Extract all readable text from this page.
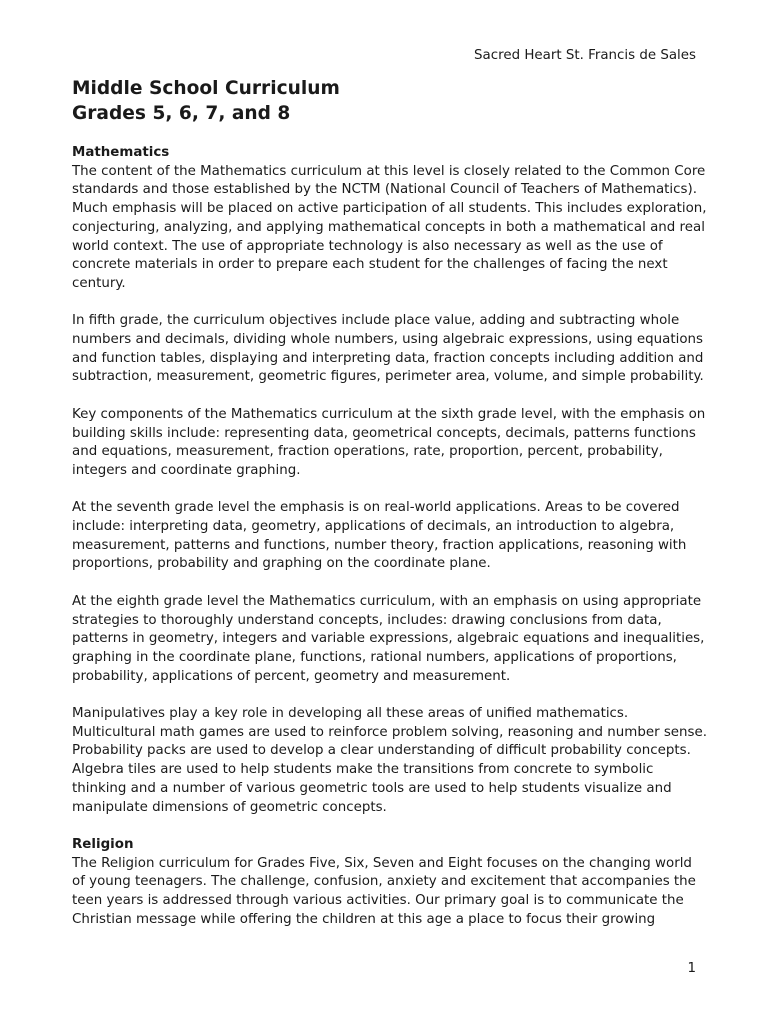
Sacred Heart St. Francis de Sales
Middle School Curriculum
Grades 5, 6, 7, and 8
Mathematics

The content of the Mathematics curriculum at this level is closely related to the Common Core standards and those established by the NCTM (National Council of Teachers of Mathematics). Much emphasis will be placed on active participation of all students. This includes exploration, conjecturing, analyzing, and applying mathematical concepts in both a mathematical and real world context. The use of appropriate technology is also necessary as well as the use of concrete materials in order to prepare each student for the challenges of facing the next century.

In fifth grade, the curriculum objectives include place value, adding and subtracting whole numbers and decimals, dividing whole numbers, using algebraic expressions, using equations and function tables, displaying and interpreting data, fraction concepts including addition and subtraction, measurement, geometric figures, perimeter area, volume, and simple probability.

Key components of the Mathematics curriculum at the sixth grade level, with the emphasis on building skills include: representing data, geometrical concepts, decimals, patterns functions and equations, measurement, fraction operations, rate, proportion, percent, probability, integers and coordinate graphing.

At the seventh grade level the emphasis is on real-world applications. Areas to be covered include: interpreting data, geometry, applications of decimals, an introduction to algebra, measurement, patterns and functions, number theory, fraction applications, reasoning with proportions, probability and graphing on the coordinate plane.

At the eighth grade level the Mathematics curriculum, with an emphasis on using appropriate strategies to thoroughly understand concepts, includes: drawing conclusions from data, patterns in geometry, integers and variable expressions, algebraic equations and inequalities, graphing in the coordinate plane, functions, rational numbers, applications of proportions, probability, applications of percent, geometry and measurement.

Manipulatives play a key role in developing all these areas of unified mathematics. Multicultural math games are used to reinforce problem solving, reasoning and number sense. Probability packs are used to develop a clear understanding of difficult probability concepts. Algebra tiles are used to help students make the transitions from concrete to symbolic thinking and a number of various geometric tools are used to help students visualize and manipulate dimensions of geometric concepts.

Religion

The Religion curriculum for Grades Five, Six, Seven and Eight focuses on the changing world of young teenagers. The challenge, confusion, anxiety and excitement that accompanies the teen years is addressed through various activities. Our primary goal is to communicate the Christian message while offering the children at this age a place to focus their growing

1
